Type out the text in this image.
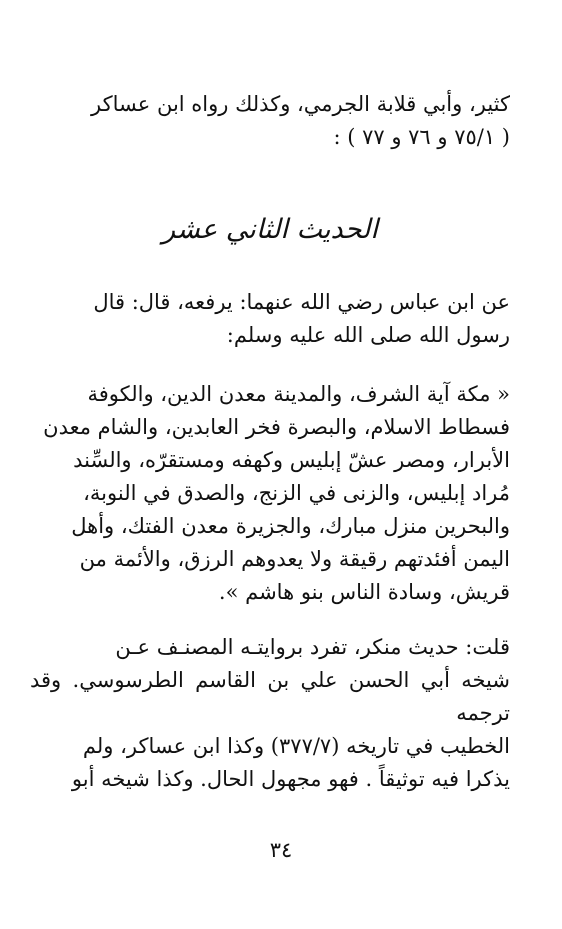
كثير، وأبي قلابة الجرمي، وكذلك رواه ابن عساكر
( ٧٥/١ و ٧٦ و ٧٧ ) :

الحديث الثاني عشر

عن ابن عباس رضي الله عنهما: يرفعه، قال: قال
رسول الله صلى الله عليه وسلم:

« مكة آية الشرف، والمدينة معدن الدين، والكوفة
فسطاط الاسلام، والبصرة فخر العابدين، والشام معدن
الأبرار، ومصر عشّ إبليس وكهفه ومستقرّه، والسِّند
مُراد إبليس، والزنى في الزنج، والصدق في النوبة،
والبحرين منزل مبارك، والجزيرة معدن الفتك، وأهل
اليمن أفئدتهم رقيقة ولا يعدوهم الرزق، والأئمة من
قريش، وسادة الناس بنو هاشم ».

قلت: حديث منكر، تفرد بروايتـه المصنـف عـن
شيخه أبي الحسن علي بن القاسم الطرسوسي. وقد ترجمه
الخطيب في تاريخه (٣٧٧/٧) وكذا ابن عساكر، ولم
يذكرا فيه توثيقاً . فهو مجهول الحال. وكذا شيخه أبو

٣٤
